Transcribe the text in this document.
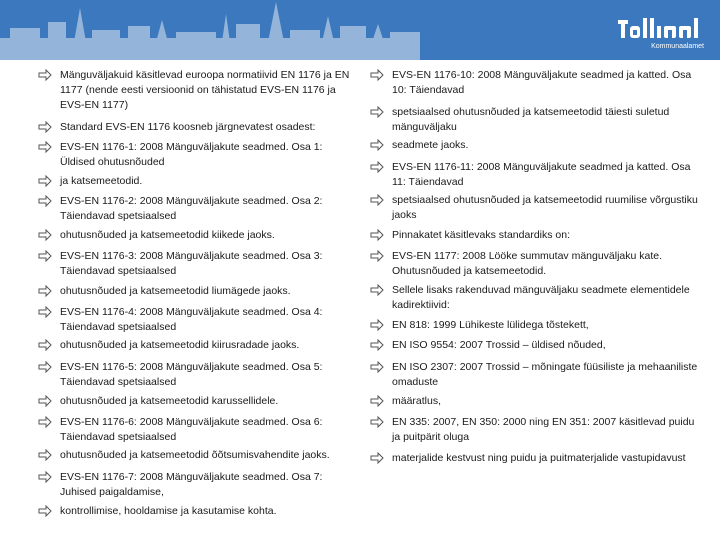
Kommunaalamet
Mänguväljakuid käsitlevad euroopa normatiivid EN 1176 ja EN 1177 (nende eesti versioonid on tähistatud EVS-EN 1176 ja EVS-EN 1177)
Standard EVS-EN 1176 koosneb järgnevatest osadest:
EVS-EN 1176-1: 2008 Mänguväljakute seadmed. Osa 1: Üldised ohutusnõuded
ja katsemeetodid.
EVS-EN 1176-2: 2008 Mänguväljakute seadmed. Osa 2: Täiendavad spetsiaalsed
ohutusnõuded ja katsemeetodid kiikede jaoks.
EVS-EN 1176-3: 2008 Mänguväljakute seadmed. Osa 3: Täiendavad spetsiaalsed
ohutusnõuded ja katsemeetodid liumägede jaoks.
EVS-EN 1176-4: 2008 Mänguväljakute seadmed. Osa 4: Täiendavad spetsiaalsed
ohutusnõuded ja katsemeetodid kiirusradade jaoks.
EVS-EN 1176-5: 2008 Mänguväljakute seadmed. Osa 5: Täiendavad spetsiaalsed
ohutusnõuded ja katsemeetodid karussellidele.
EVS-EN 1176-6: 2008 Mänguväljakute seadmed. Osa 6: Täiendavad spetsiaalsed
ohutusnõuded ja katsemeetodid õõtsumisvahendite jaoks.
EVS-EN 1176-7: 2008 Mänguväljakute seadmed. Osa 7: Juhised paigaldamise,
kontrollimise, hooldamise ja kasutamise kohta.
EVS-EN 1176-10: 2008 Mänguväljakute seadmed ja katted. Osa 10: Täiendavad
spetsiaalsed ohutusnõuded ja katsemeetodid täiesti suletud mänguväljaku
seadmete jaoks.
EVS-EN 1176-11: 2008 Mänguväljakute seadmed ja katted. Osa 11: Täiendavad
spetsiaalsed ohutusnõuded ja katsemeetodid ruumilise võrgustiku jaoks
Pinnakatet käsitlevaks standardiks on:
EVS-EN 1177: 2008 Lööke summutav mänguväljaku kate. Ohutusnõuded ja katsemeetodid.
Sellele lisaks rakenduvad mänguväljaku seadmete elementidele kadirektiivid:
EN 818: 1999 Lühikeste lülidega tõstekett,
EN ISO 9554: 2007 Trossid – üldised nõuded,
EN ISO 2307: 2007 Trossid – mõningate füüsiliste ja mehaaniliste omaduste
määratlus,
EN 335: 2007, EN 350: 2000 ning EN 351: 2007 käsitlevad puidu ja puitpärit oluga
materjalide kestvust ning puidu ja puitmaterjalide vastupidavust
